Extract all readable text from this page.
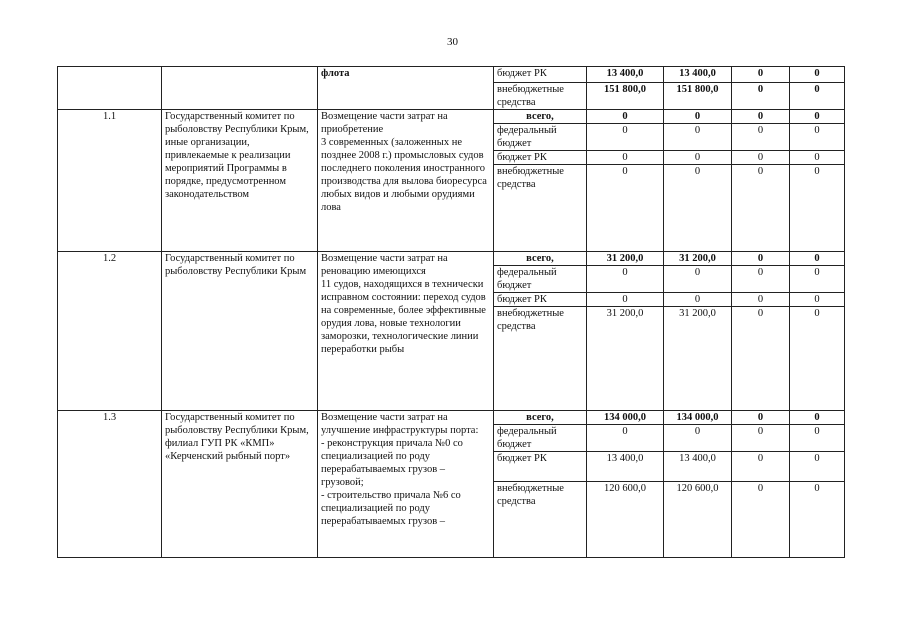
30
		флота	бюджет РК	13 400,0	13 400,0	0	0
			внебюджетные средства	151 800,0	151 800,0	0	0
1.1	Государственный комитет по рыболовству Республики Крым, иные организации, привлекаемые к реализации мероприятий Программы в порядке, предусмотренном законодательством	Возмещение части затрат на приобретение
3 современных (заложенных не позднее 2008 г.) промысловых судов последнего поколения иностранного производства для вылова биоресурса любых видов и любыми орудиями лова	всего,	0	0	0	0
			федеральный бюджет	0	0	0	0
			бюджет РК	0	0	0	0
			внебюджетные средства	0	0	0	0
1.2	Государственный комитет по рыболовству Республики Крым	Возмещение части затрат на реновацию имеющихся
11 судов, находящихся в технически исправном состоянии: переход судов на современные, более эффективные орудия лова, новые технологии заморозки, технологические линии переработки рыбы	всего,	31 200,0	31 200,0	0	0
			федеральный бюджет	0	0	0	0
			бюджет РК	0	0	0	0
			внебюджетные средства	31 200,0	31 200,0	0	0
1.3	Государственный комитет по рыболовству Республики Крым, филиал ГУП РК «КМП» «Керченский рыбный порт»	Возмещение части затрат на улучшение инфраструктуры порта:
- реконструкция причала №0 со специализацией по роду перерабатываемых грузов – грузовой;
- строительство причала №6 со специализацией по роду перерабатываемых грузов –	всего,	134 000,0	134 000,0	0	0
			федеральный бюджет	0	0	0	0
			бюджет РК	13 400,0	13 400,0	0	0
			внебюджетные средства	120 600,0	120 600,0	0	0
